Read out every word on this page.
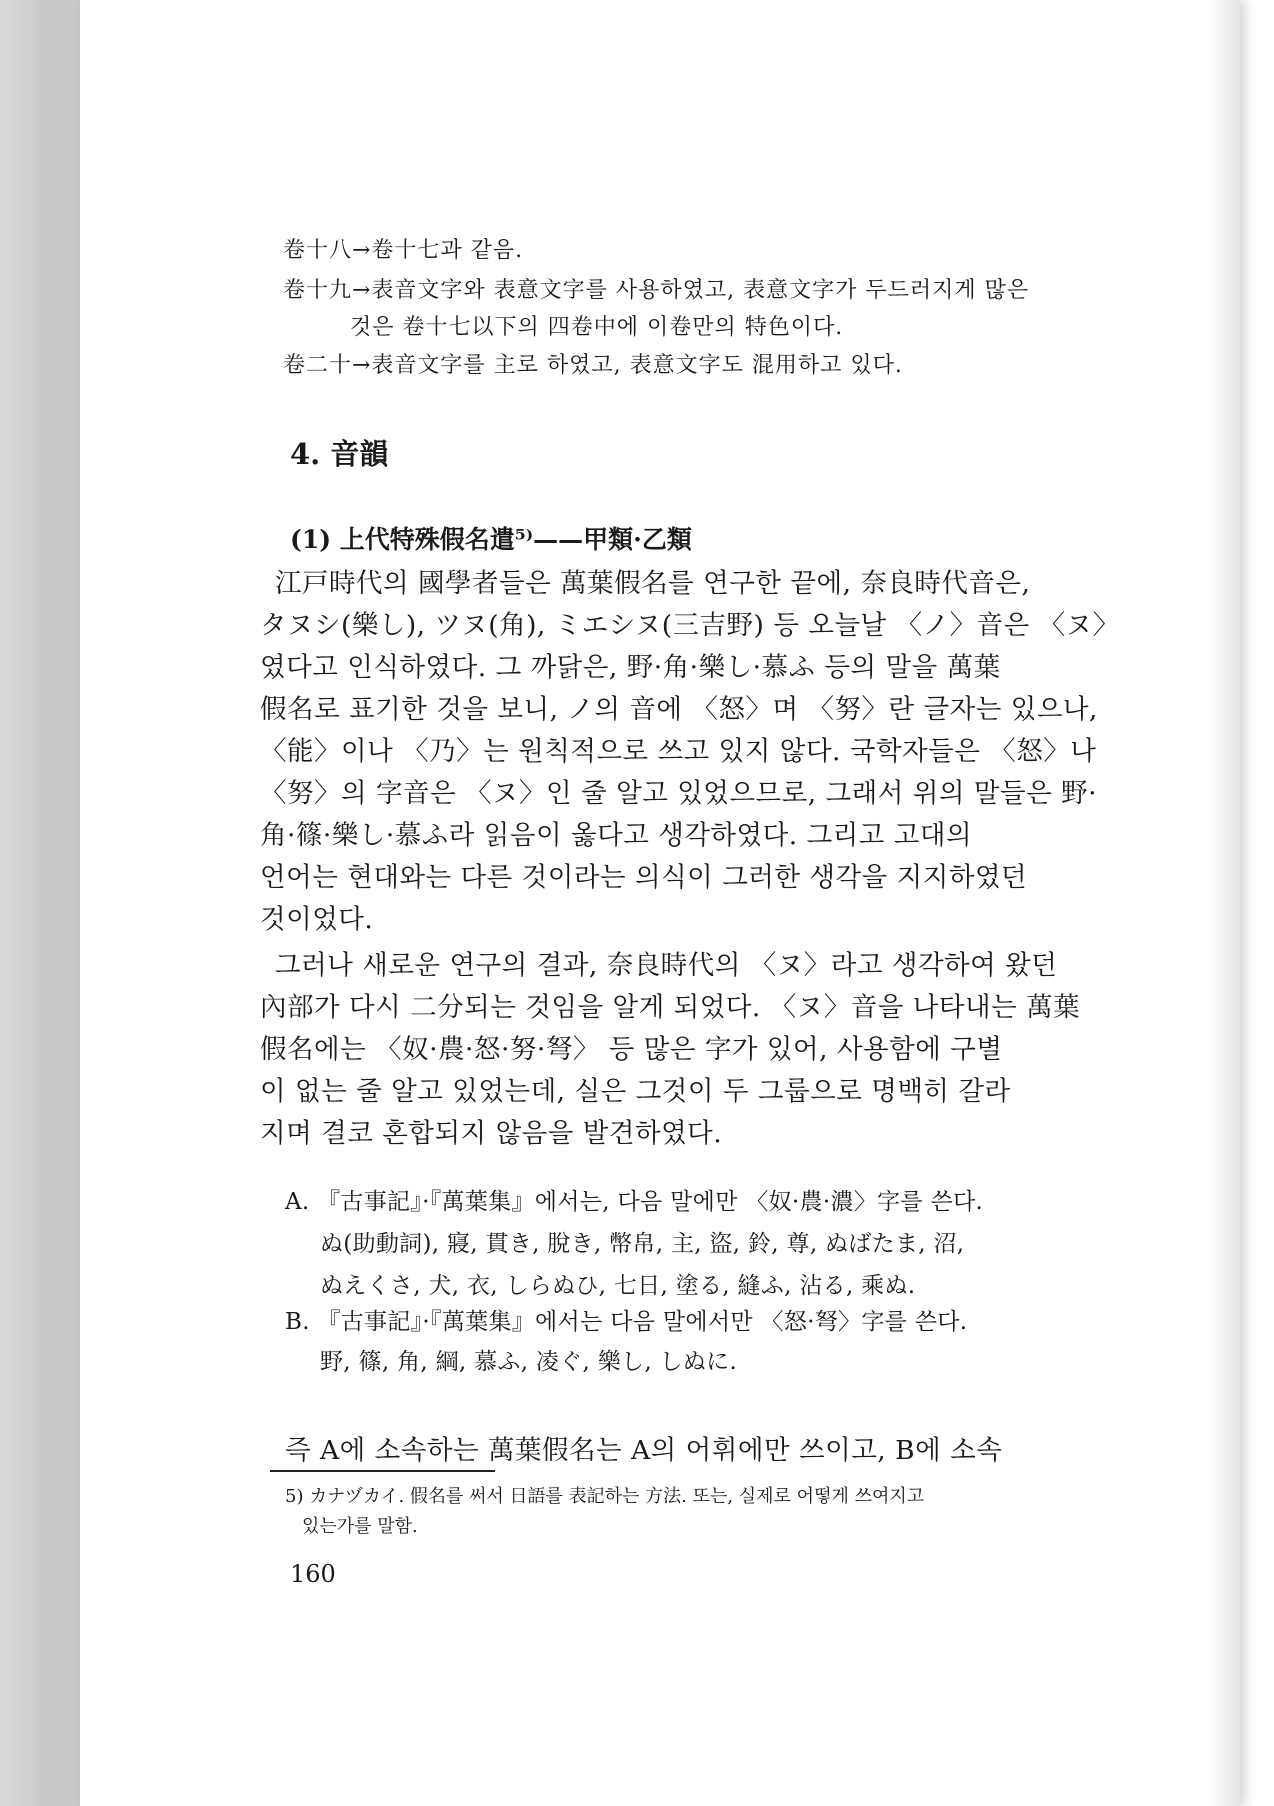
卷十八→卷十七과 같음.
卷十九→表音文字와 表意文字를 사용하였고, 表意文字가 두드러지게 많은
것은 卷十七以下의 四卷中에 이卷만의 特色이다.
卷二十→表音文字를 主로 하였고, 表意文字도 混用하고 있다.
4. 音韻
(1) 上代特殊假名遣⁵⁾——甲類·乙類
江戸時代의 國學者들은 萬葉假名를 연구한 끝에, 奈良時代音은,
タヌシ(樂し), ツヌ(角), ミエシヌ(三吉野) 등 오늘날 〈ノ〉音은 〈ヌ〉
였다고 인식하였다. 그 까닭은, 野·角·樂し·慕ふ 등의 말을 萬葉
假名로 표기한 것을 보니, ノ의 音에 〈怒〉며 〈努〉란 글자는 있으나,
〈能〉이나 〈乃〉는 원칙적으로 쓰고 있지 않다. 국학자들은 〈怒〉나
〈努〉의 字音은 〈ヌ〉인 줄 알고 있었으므로, 그래서 위의 말들은 野·
角·篠·樂し·慕ふ라 읽음이 옳다고 생각하였다. 그리고 고대의
언어는 현대와는 다른 것이라는 의식이 그러한 생각을 지지하였던
것이었다.
그러나 새로운 연구의 결과, 奈良時代의 〈ヌ〉라고 생각하여 왔던
內部가 다시 二分되는 것임을 알게 되었다. 〈ヌ〉音을 나타내는 萬葉
假名에는 〈奴·農·怒·努·弩〉 등 많은 字가 있어, 사용함에 구별
이 없는 줄 알고 있었는데, 실은 그것이 두 그룹으로 명백히 갈라
지며 결코 혼합되지 않음을 발견하였다.
A. 『古事記』·『萬葉集』에서는, 다음 말에만 〈奴·農·濃〉字를 쓴다.
ぬ(助動詞), 寢, 貫き, 脫き, 幣帛, 主, 盜, 鈴, 尊, ぬばたま, 沼,
ぬえくさ, 犬, 衣, しらぬひ, 七日, 塗る, 縫ふ, 沾る, 乘ぬ.
B. 『古事記』·『萬葉集』에서는 다음 말에서만 〈怒·弩〉字를 쓴다.
野, 篠, 角, 綱, 慕ふ, 凌ぐ, 樂し, しぬに.
즉 A에 소속하는 萬葉假名는 A의 어휘에만 쓰이고, B에 소속
5) カナヅカイ. 假名를 써서 日語를 表記하는 方法. 또는, 실제로 어떻게 쓰여지고
있는가를 말함.
160
